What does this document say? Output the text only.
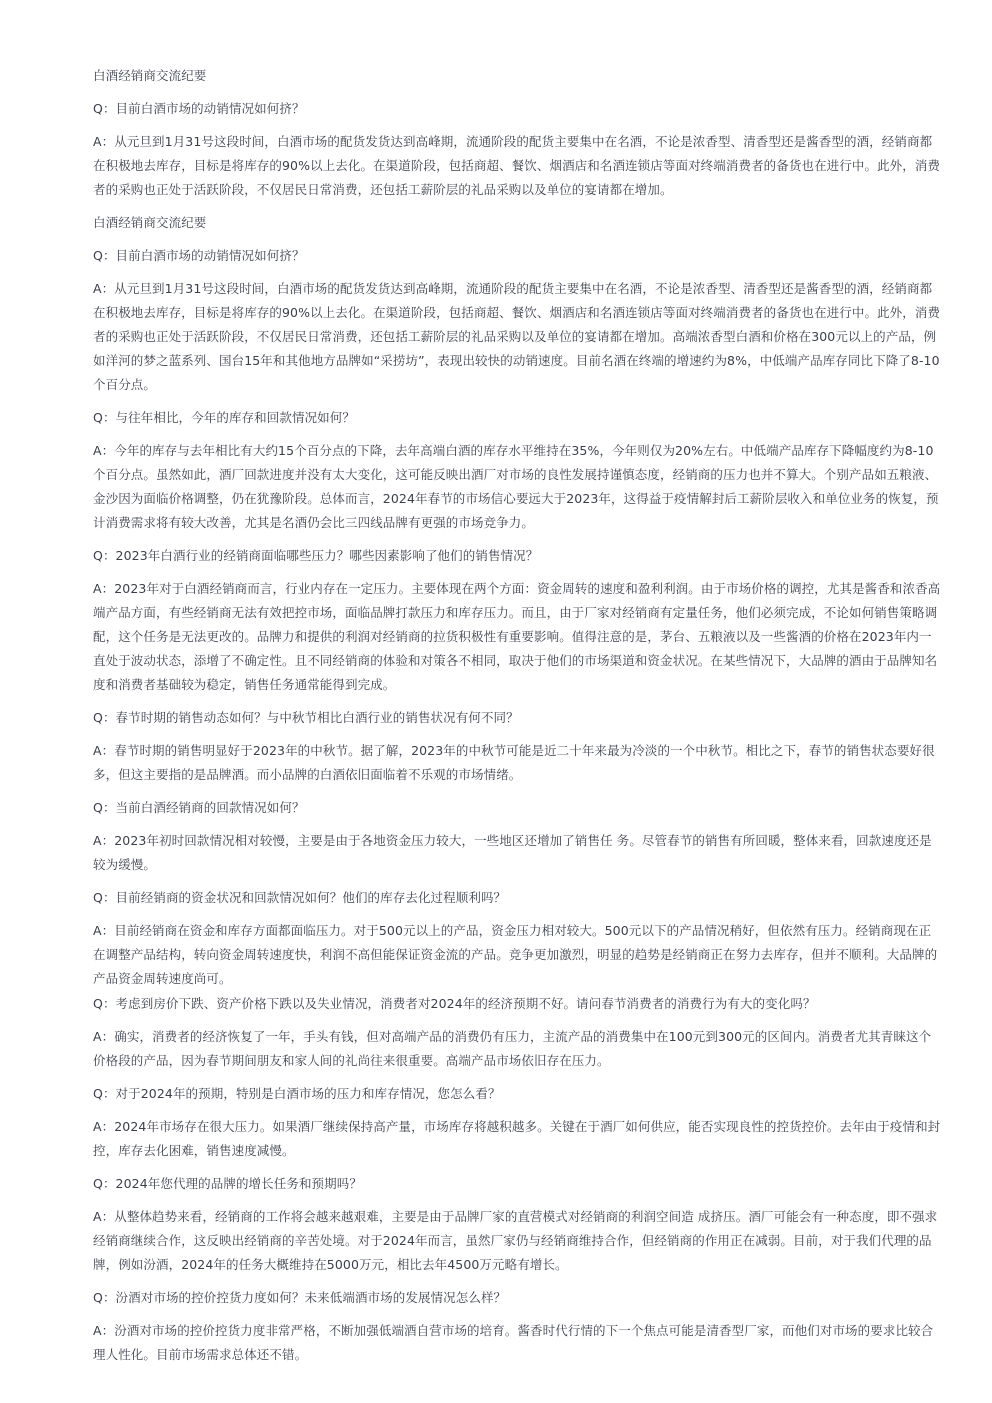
白酒经销商交流纪要

Q：目前白酒市场的动销情况如何挤？

A：从元旦到1月31号这段时间，白酒市场的配货发货达到高峰期，流通阶段的配货主要集中在名酒，不论是浓香型、清香型还是酱香型的酒，经销商都在积极地去库存，目标是将库存的90%以上去化。在渠道阶段，包括商超、餐饮、烟酒店和名酒连锁店等面对终端消费者的备货也在进行中。此外，消费者的采购也正处于活跃阶段，不仅居民日常消费，还包括工薪阶层的礼品采购以及单位的宴请都在增加。

白酒经销商交流纪要

Q：目前白酒市场的动销情况如何挤？

A：从元旦到1月31号这段时间，白酒市场的配货发货达到高峰期，流通阶段的配货主要集中在名酒，不论是浓香型、清香型还是酱香型的酒，经销商都在积极地去库存，目标是将库存的90%以上去化。在渠道阶段，包括商超、餐饮、烟酒店和名酒连锁店等面对终端消费者的备货也在进行中。此外，消费者的采购也正处于活跃阶段，不仅居民日常消费，还包括工薪阶层的礼品采购以及单位的宴请都在增加。高端浓香型白酒和价格在300元以上的产品，例如洋河的梦之蓝系列、国台15年和其他地方品牌如“采捞坊”，表现出较快的动销速度。目前名酒在终端的增速约为8%，中低端产品库存同比下降了8-10个百分点。

Q：与往年相比，今年的库存和回款情况如何？

A：今年的库存与去年相比有大约15个百分点的下降，去年高端白酒的库存水平维持在35%，今年则仅为20%左右。中低端产品库存下降幅度约为8-10个百分点。虽然如此，酒厂回款进度并没有太大变化，这可能反映出酒厂对市场的良性发展持谨慎态度，经销商的压力也并不算大。个别产品如五粮液、金沙因为面临价格调整，仍在犹豫阶段。总体而言，2024年春节的市场信心要远大于2023年，这得益于疫情解封后工薪阶层收入和单位业务的恢复，预计消费需求将有较大改善，尤其是名酒仍会比三四线品牌有更强的市场竞争力。

Q：2023年白酒行业的经销商面临哪些压力？哪些因素影响了他们的销售情况？

A：2023年对于白酒经销商而言，行业内存在一定压力。主要体现在两个方面：资金周转的速度和盈利利润。由于市场价格的调控，尤其是酱香和浓香高端产品方面，有些经销商无法有效把控市场，面临品牌打款压力和库存压力。而且，由于厂家对经销商有定量任务，他们必须完成，不论如何销售策略调配，这个任务是无法更改的。品牌力和提供的利润对经销商的拉货积极性有重要影响。值得注意的是，茅台、五粮液以及一些酱酒的价格在2023年内一直处于波动状态，添增了不确定性。且不同经销商的体验和对策各不相同，取决于他们的市场渠道和资金状况。在某些情况下，大品牌的酒由于品牌知名度和消费者基础较为稳定，销售任务通常能得到完成。

Q：春节时期的销售动态如何？与中秋节相比白酒行业的销售状况有何不同？

A：春节时期的销售明显好于2023年的中秋节。据了解，2023年的中秋节可能是近二十年来最为冷淡的一个中秋节。相比之下，春节的销售状态要好很多，但这主要指的是品牌酒。而小品牌的白酒依旧面临着不乐观的市场情绪。

Q：当前白酒经销商的回款情况如何？

A：2023年初时回款情况相对较慢，主要是由于各地资金压力较大，一些地区还增加了销售任 务。尽管春节的销售有所回暖，整体来看，回款速度还是较为缓慢。

Q：目前经销商的资金状况和回款情况如何？他们的库存去化过程顺利吗？

A：目前经销商在资金和库存方面都面临压力。对于500元以上的产品，资金压力相对较大。500元以下的产品情况稍好，但依然有压力。经销商现在正在调整产品结构，转向资金周转速度快，利润不高但能保证资金流的产品。竞争更加激烈，明显的趋势是经销商正在努力去库存，但并不顺利。大品牌的产品资金周转速度尚可。

Q：考虑到房价下跌、资产价格下跌以及失业情况，消费者对2024年的经济预期不好。请问春节消费者的消费行为有大的变化吗？

A：确实，消费者的经济恢复了一年，手头有钱，但对高端产品的消费仍有压力，主流产品的消费集中在100元到300元的区间内。消费者尤其青睐这个价格段的产品，因为春节期间朋友和家人间的礼尚往来很重要。高端产品市场依旧存在压力。

Q：对于2024年的预期，特别是白酒市场的压力和库存情况，您怎么看？

A：2024年市场存在很大压力。如果酒厂继续保持高产量，市场库存将越积越多。关键在于酒厂如何供应，能否实现良性的控货控价。去年由于疫情和封控，库存去化困难，销售速度减慢。

Q：2024年您代理的品牌的增长任务和预期吗？

A：从整体趋势来看，经销商的工作将会越来越艰难，主要是由于品牌厂家的直营模式对经销商的利润空间造 成挤压。酒厂可能会有一种态度，即不强求经销商继续合作，这反映出经销商的辛苦处境。对于2024年而言，虽然厂家仍与经销商维持合作，但经销商的作用正在减弱。目前，对于我们代理的品牌，例如汾酒，2024年的任务大概维持在5000万元，相比去年4500万元略有增长。

Q：汾酒对市场的控价控货力度如何？未来低端酒市场的发展情况怎么样？

A：汾酒对市场的控价控货力度非常严格，不断加强低端酒自营市场的培育。酱香时代行情的下一个焦点可能是清香型厂家，而他们对市场的要求比较合理人性化。目前市场需求总体还不错。
